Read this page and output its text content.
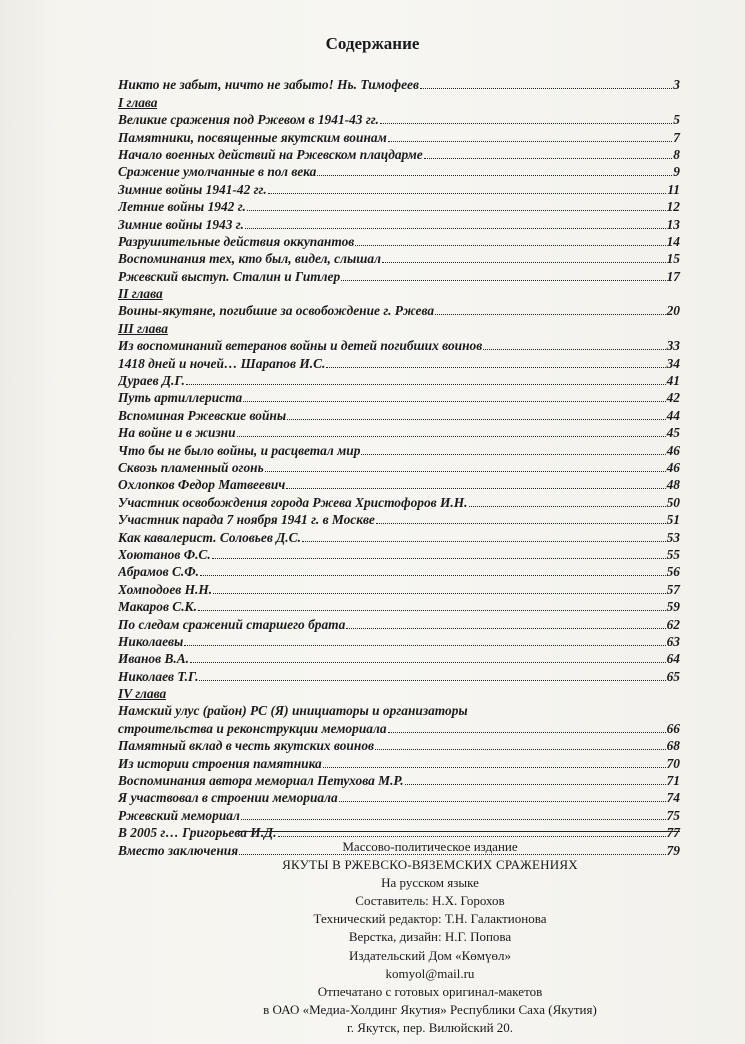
Содержание
Никто не забыт, ничто не забыто! Нь. Тимофеев	3
I глава
Великие сражения под Ржевом в 1941-43 гг.	5
Памятники, посвященные якутским воинам	7
Начало военных действий на Ржевском плацдарме	8
Сражение умолчанные в пол века	9
Зимние войны 1941-42 гг.	11
Летние войны 1942 г.	12
Зимние войны 1943 г.	13
Разрушительные действия оккупантов	14
Воспоминания тех, кто был, видел, слышал	15
Ржевский выступ. Сталин и Гитлер	17
II глава
Воины-якутяне, погибшие за освобождение г. Ржева	20
III глава
Из воспоминаний ветеранов войны и детей погибших воинов	33
1418 дней и ночей… Шарапов И.С.	34
Дураев Д.Г.	41
Путь артиллериста	42
Вспоминая Ржевские войны	44
На войне и в жизни	45
Что бы не было войны, и расцветал мир	46
Сквозь пламенный огонь	46
Охлопков Федор Матвеевич	48
Участник освобождения города Ржева Христофоров И.Н.	50
Участник парада 7 ноября 1941 г. в Москве	51
Как кавалерист. Соловьев Д.С.	53
Хоютанов Ф.С.	55
Абрамов С.Ф.	56
Хомподоев Н.Н.	57
Макаров С.К.	59
По следам сражений старшего брата	62
Николаевы	63
Иванов В.А.	64
Николаев Т.Г.	65
IV глава
Намский улус (район) РС (Я) инициаторы и организаторы
строительства и реконструкции мемориала	66
Памятный вклад в честь якутских воинов	68
Из истории строения памятника	70
Воспоминания автора мемориал Петухова М.Р.	71
Я участвовал в строении мемориала	74
Ржевский мемориал	75
В 2005 г… Григорьева И.Д.	77
Вместо заключения	79
Массово-политическое издание
ЯКУТЫ В РЖЕВСКО-ВЯЗЕМСКИХ СРАЖЕНИЯХ
На русском языке
Составитель: Н.Х. Горохов
Технический редактор: Т.Н. Галактионова
Верстка, дизайн: Н.Г. Попова
Издательский Дом «Көмүөл»
komyol@mail.ru
Отпечатано с готовых оригинал-макетов
в ОАО «Медиа-Холдинг Якутия» Республики Саха (Якутия)
г. Якутск, пер. Вилюйский 20.
